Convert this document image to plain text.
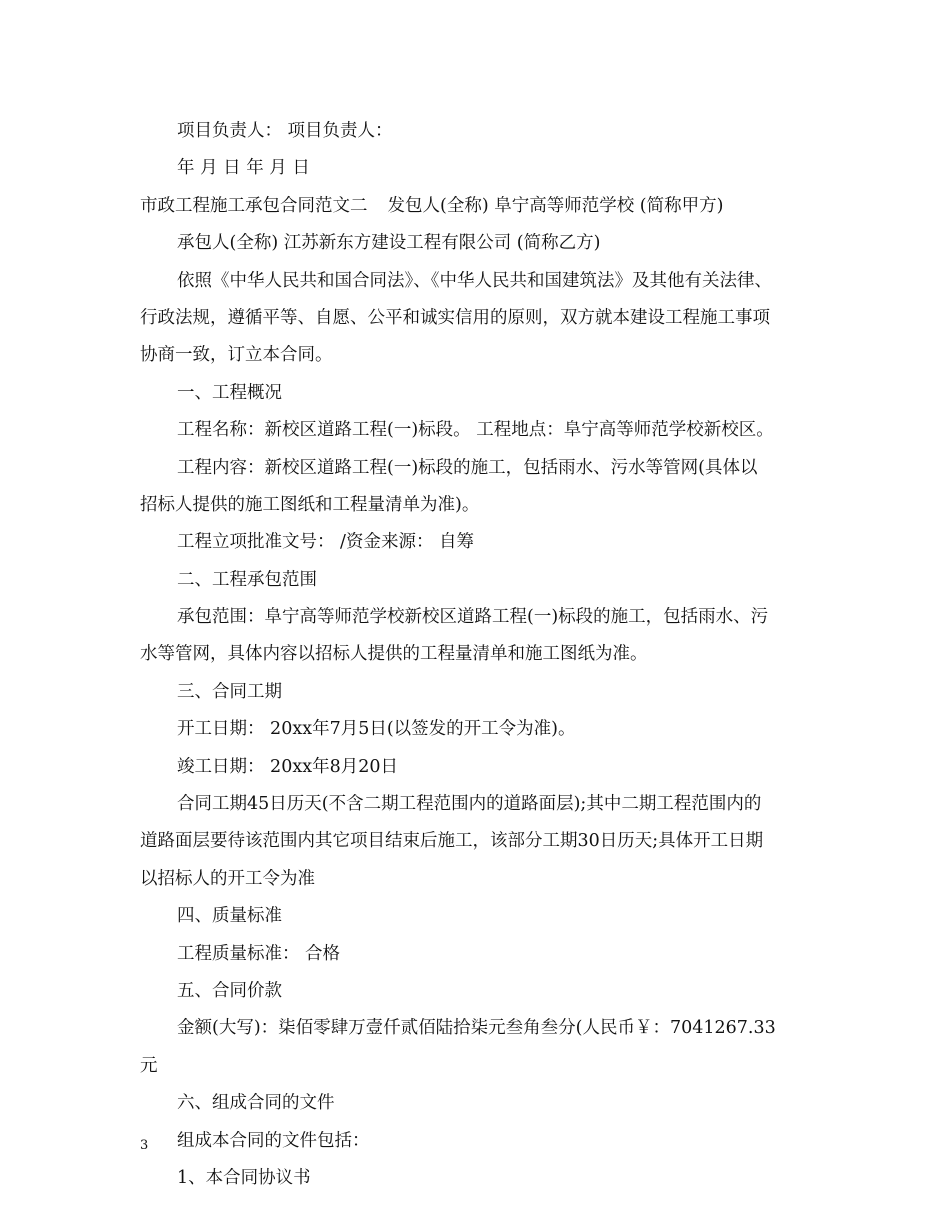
项目负责人： 项目负责人：
年 月 日 年 月 日
市政工程施工承包合同范文二 发包人(全称) 阜宁高等师范学校 (简称甲方)
承包人(全称) 江苏新东方建设工程有限公司 (简称乙方)
依照《中华人民共和国合同法》、《中华人民共和国建筑法》及其他有关法律、
行政法规，遵循平等、自愿、公平和诚实信用的原则，双方就本建设工程施工事项
协商一致，订立本合同。
一、工程概况
工程名称：新校区道路工程(一)标段。 工程地点：阜宁高等师范学校新校区。
工程内容：新校区道路工程(一)标段的施工，包括雨水、污水等管网(具体以
招标人提供的施工图纸和工程量清单为准)。
工程立项批准文号： /资金来源： 自筹
二、工程承包范围
承包范围：阜宁高等师范学校新校区道路工程(一)标段的施工，包括雨水、污
水等管网，具体内容以招标人提供的工程量清单和施工图纸为准。
三、合同工期
开工日期： 20xx年7月5日(以签发的开工令为准)。
竣工日期： 20xx年8月20日
合同工期45日历天(不含二期工程范围内的道路面层);其中二期工程范围内的
道路面层要待该范围内其它项目结束后施工，该部分工期30日历天;具体开工日期
以招标人的开工令为准
四、质量标准
工程质量标准： 合格
五、合同价款
金额(大写)：柒佰零肆万壹仟贰佰陆拾柒元叁角叁分(人民币￥：7041267.33
元
六、组成合同的文件
组成本合同的文件包括：
1、本合同协议书
3
